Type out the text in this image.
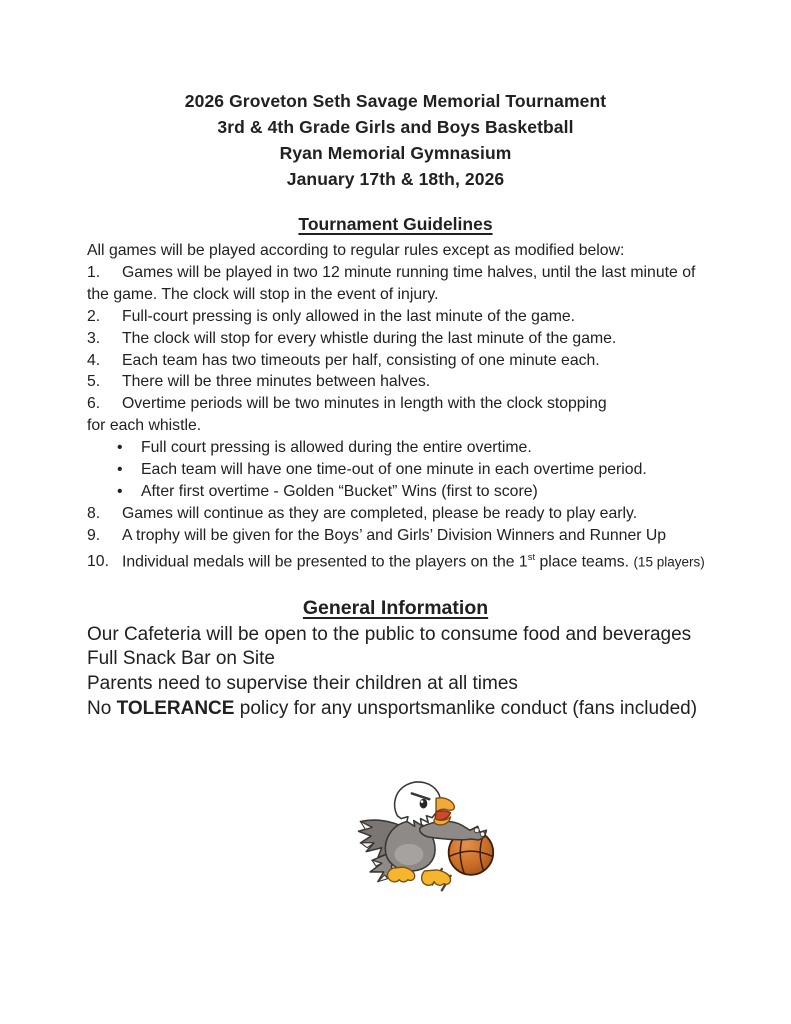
2026 Groveton Seth Savage Memorial Tournament
3rd & 4th Grade Girls and Boys Basketball
Ryan Memorial Gymnasium
January 17th & 18th, 2026
Tournament Guidelines
All games will be played according to regular rules except as modified below:
1. Games will be played in two 12 minute running time halves, until the last minute of
the game. The clock will stop in the event of injury.
2. Full-court pressing is only allowed in the last minute of the game.
3. The clock will stop for every whistle during the last minute of the game.
4. Each team has two timeouts per half, consisting of one minute each.
5. There will be three minutes between halves.
6. Overtime periods will be two minutes in length with the clock stopping
for each whistle.
• Full court pressing is allowed during the entire overtime.
• Each team will have one time-out of one minute in each overtime period.
• After first overtime - Golden “Bucket” Wins (first to score)
8. Games will continue as they are completed, please be ready to play early.
9. A trophy will be given for the Boys’ and Girls’ Division Winners and Runner Up
10. Individual medals will be presented to the players on the 1st place teams. (15 players)
General Information
Our Cafeteria will be open to the public to consume food and beverages
Full Snack Bar on Site
Parents need to supervise their children at all times
No TOLERANCE policy for any unsportsmanlike conduct (fans included)
